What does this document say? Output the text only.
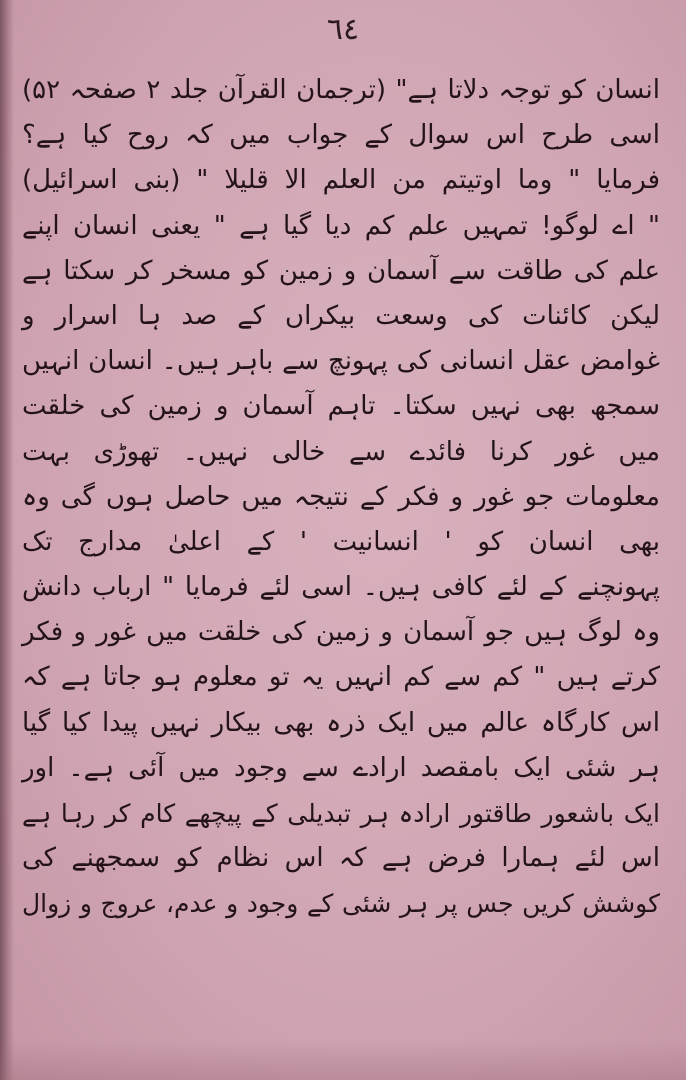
٦٤
انسان کو توجہ دلاتا ہے" (ترجمان القرآن جلد ۲ صفحہ ۵۲)
اسی طرح اس سوال کے جواب میں کہ روح کیا ہے؟
فرمایا " وما اوتیتم من العلم الا قلیلا " (بنی اسرائیل)
" اے لوگو! تمہیں علم کم دیا گیا ہے " یعنی انسان اپنے
علم کی طاقت سے آسمان و زمین کو مسخر کر سکتا ہے
لیکن کائنات کی وسعت بیکراں کے صد ہا اسرار و
غوامض عقل انسانی کی پہونچ سے باہر ہیں۔ انسان انہیں
سمجھ بھی نہیں سکتا۔ تاہم آسمان و زمین کی خلقت
میں غور کرنا فائدے سے خالی نہیں۔ تھوڑی بہت
معلومات جو غور و فکر کے نتیجہ میں حاصل ہوں گی وہ
بھی انسان کو ' انسانیت ' کے اعلیٰ مدارج تک
پہونچنے کے لئے کافی ہیں۔ اسی لئے فرمایا " ارباب دانش
وہ لوگ ہیں جو آسمان و زمین کی خلقت میں غور و فکر
کرتے ہیں " کم سے کم انہیں یہ تو معلوم ہو جاتا ہے کہ
اس کارگاہ عالم میں ایک ذرہ بھی بیکار نہیں پیدا کیا گیا
ہر شئی ایک بامقصد ارادے سے وجود میں آئی ہے۔ اور
ایک باشعور طاقتور ارادہ ہر تبدیلی کے پیچھے کام کر رہا ہے
اس لئے ہمارا فرض ہے کہ اس نظام کو سمجھنے کی
کوشش کریں جس پر ہر شئی کے وجود و عدم، عروج و زوال
